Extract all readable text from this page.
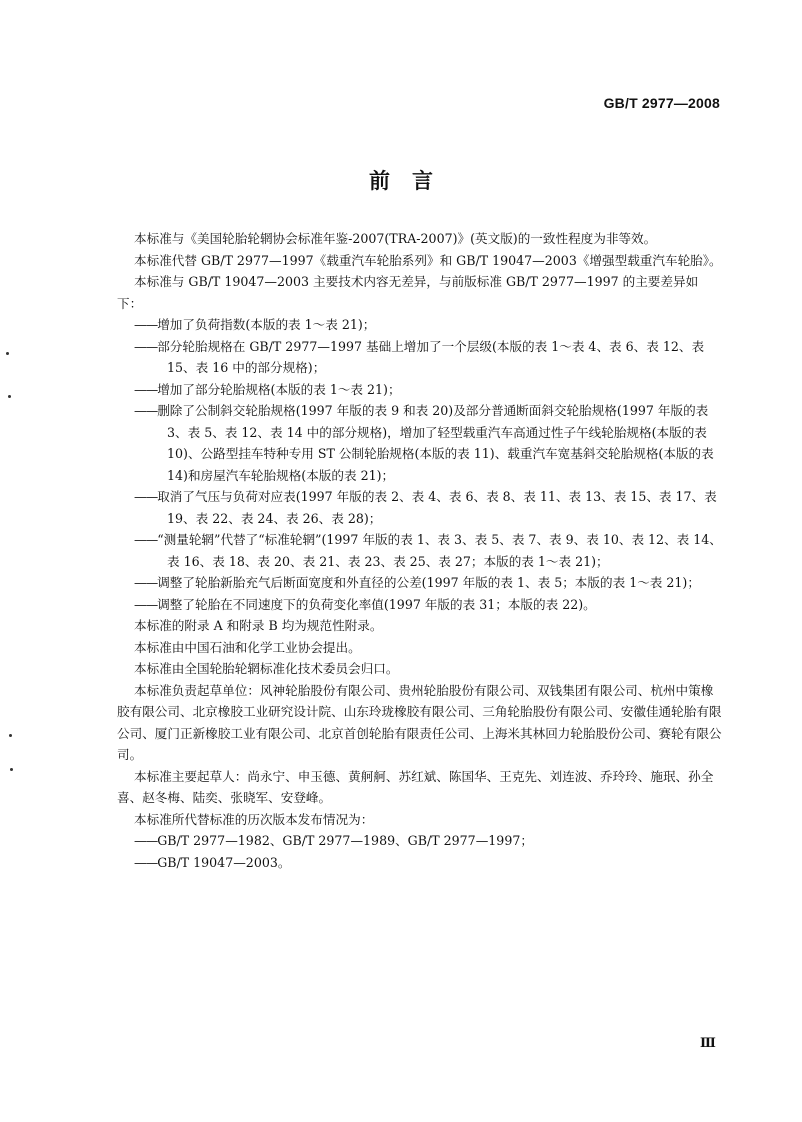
GB/T 2977—2008
前言

本标准与《美国轮胎轮辋协会标准年鉴-2007(TRA-2007)》(英文版)的一致性程度为非等效。

本标准代替 GB/T 2977—1997《载重汽车轮胎系列》和 GB/T 19047—2003《增强型载重汽车轮胎》。

本标准与 GB/T 19047—2003 主要技术内容无差异，与前版标准 GB/T 2977—1997 的主要差异如下：

——增加了负荷指数(本版的表 1～表 21)；

——部分轮胎规格在 GB/T 2977—1997 基础上增加了一个层级(本版的表 1～表 4、表 6、表 12、表 15、表 16 中的部分规格)；

——增加了部分轮胎规格(本版的表 1～表 21)；

——删除了公制斜交轮胎规格(1997 年版的表 9 和表 20)及部分普通断面斜交轮胎规格(1997 年版的表 3、表 5、表 12、表 14 中的部分规格)，增加了轻型载重汽车高通过性子午线轮胎规格(本版的表 10)、公路型挂车特种专用 ST 公制轮胎规格(本版的表 11)、载重汽车宽基斜交轮胎规格(本版的表 14)和房屋汽车轮胎规格(本版的表 21)；

——取消了气压与负荷对应表(1997 年版的表 2、表 4、表 6、表 8、表 11、表 13、表 15、表 17、表 19、表 22、表 24、表 26、表 28)；

——“测量轮辋”代替了“标准轮辋”(1997 年版的表 1、表 3、表 5、表 7、表 9、表 10、表 12、表 14、表 16、表 18、表 20、表 21、表 23、表 25、表 27；本版的表 1～表 21)；

——调整了轮胎新胎充气后断面宽度和外直径的公差(1997 年版的表 1、表 5；本版的表 1～表 21)；

——调整了轮胎在不同速度下的负荷变化率值(1997 年版的表 31；本版的表 22)。

本标准的附录 A 和附录 B 均为规范性附录。

本标准由中国石油和化学工业协会提出。

本标准由全国轮胎轮辋标准化技术委员会归口。

本标准负责起草单位：风神轮胎股份有限公司、贵州轮胎股份有限公司、双钱集团有限公司、杭州中策橡胶有限公司、北京橡胶工业研究设计院、山东玲珑橡胶有限公司、三角轮胎股份有限公司、安徽佳通轮胎有限公司、厦门正新橡胶工业有限公司、北京首创轮胎有限责任公司、上海米其林回力轮胎股份公司、赛轮有限公司。

本标准主要起草人：尚永宁、申玉德、黄舸舸、苏红斌、陈国华、王克先、刘连波、乔玲玲、施珉、孙全喜、赵冬梅、陆奕、张晓军、安登峰。

本标准所代替标准的历次版本发布情况为：

——GB/T 2977—1982、GB/T 2977—1989、GB/T 2977—1997；

——GB/T 19047—2003。

Ⅲ
